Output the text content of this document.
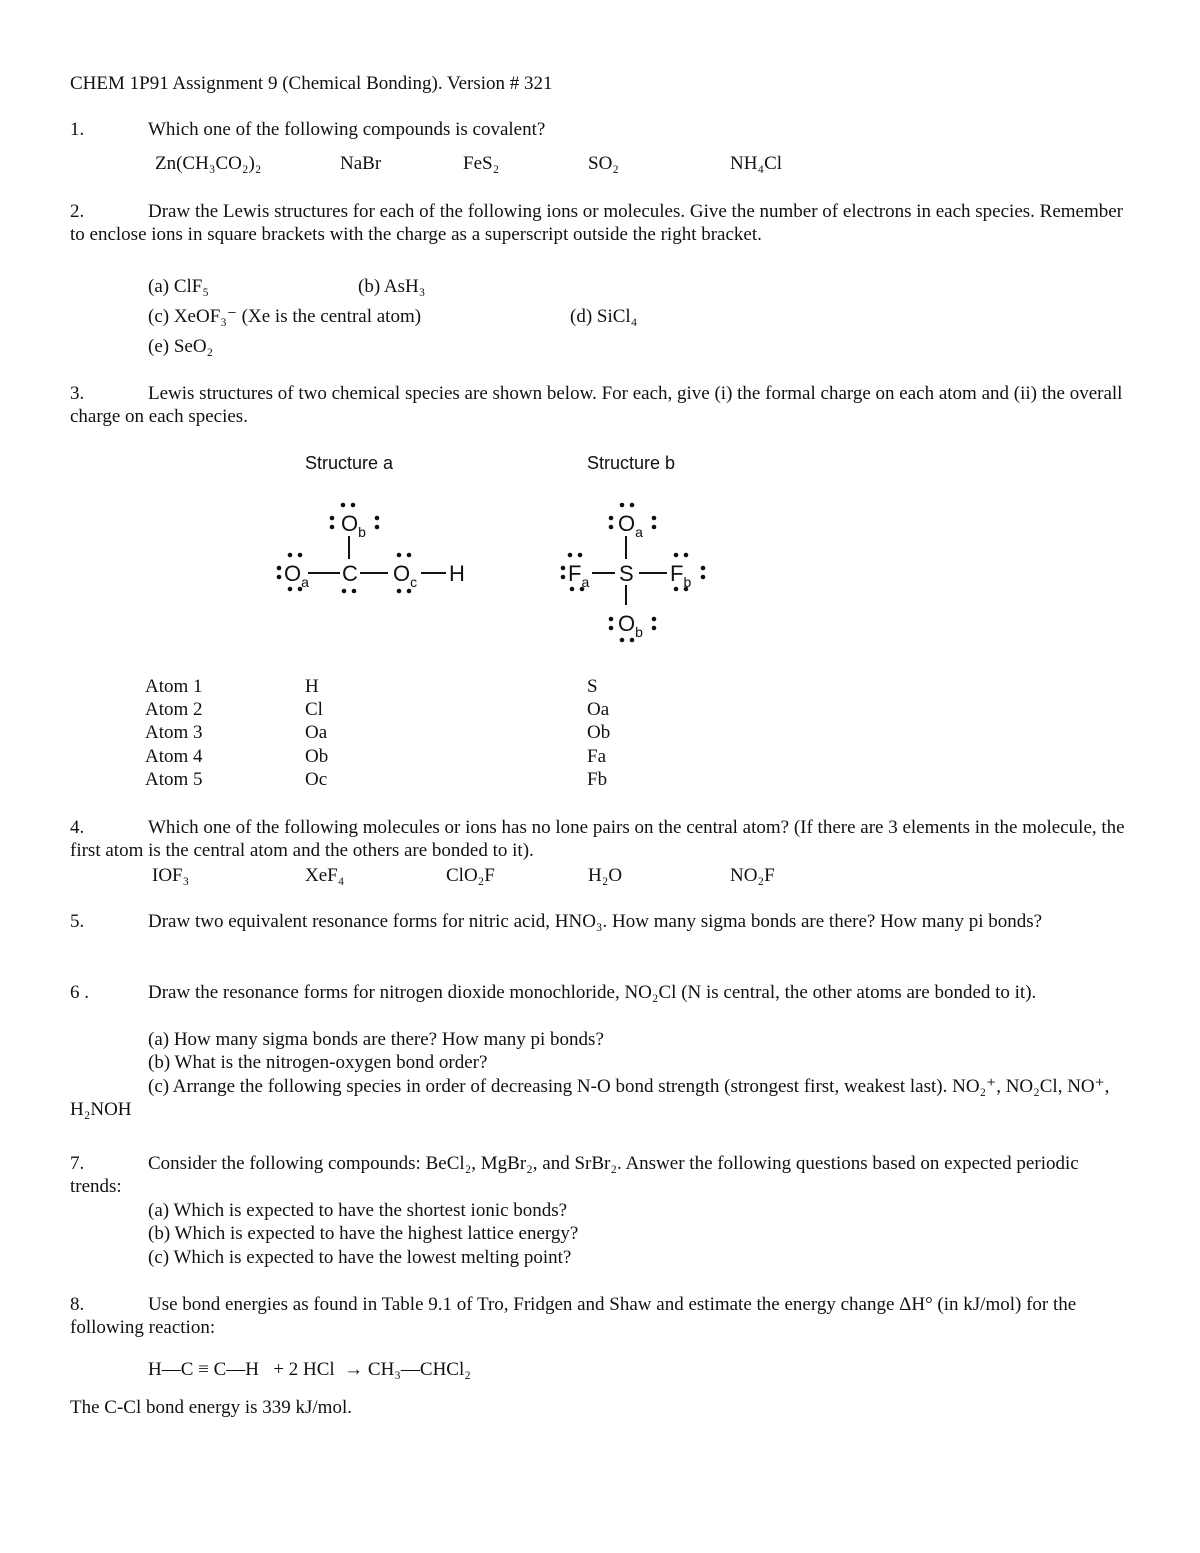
CHEM 1P91 Assignment 9 (Chemical Bonding). Version # 321
1.	Which one of the following compounds is covalent?
Zn(CH₃CO₂)₂	NaBr	FeS₂	SO₂	NH₄Cl
2.	Draw the Lewis structures for each of the following ions or molecules. Give the number of electrons in each species. Remember to enclose ions in square brackets with the charge as a superscript outside the right bracket.
(a) ClF₅	(b) AsH₃
(c) XeOF₃⁻ (Xe is the central atom)	(d) SiCl₄
(e) SeO₂
3.	Lewis structures of two chemical species are shown below. For each, give (i) the formal charge on each atom and (ii) the overall charge on each species.
Structure a	Structure b
$O_b$
$O_a$ C $O_c$ H
$O_a$
$F_a$ S $F_b$
$O_b$
Atom 1	H	S
Atom 2	Cl	Oa
Atom 3	Oa	Ob
Atom 4	Ob	Fa
Atom 5	Oc	Fb
4.	Which one of the following molecules or ions has no lone pairs on the central atom? (If there are 3 elements in the molecule, the first atom is the central atom and the others are bonded to it).
IOF₃	XeF₄	ClO₂F	H₂O	NO₂F
5.	Draw two equivalent resonance forms for nitric acid, HNO₃. How many sigma bonds are there? How many pi bonds?
6 .	Draw the resonance forms for nitrogen dioxide monochloride, NO₂Cl (N is central, the other atoms are bonded to it).
(a) How many sigma bonds are there? How many pi bonds?
(b) What is the nitrogen-oxygen bond order?
(c) Arrange the following species in order of decreasing N-O bond strength (strongest first, weakest last). NO₂⁺, NO₂Cl, NO⁺, H₂NOH
7.	Consider the following compounds: BeCl₂, MgBr₂, and SrBr₂. Answer the following questions based on expected periodic trends:
(a) Which is expected to have the shortest ionic bonds?
(b) Which is expected to have the highest lattice energy?
(c) Which is expected to have the lowest melting point?
8.	Use bond energies as found in Table 9.1 of Tro, Fridgen and Shaw and estimate the energy change ΔH° (in kJ/mol) for the following reaction:
H—C ≡ C—H   + 2 HCl  → CH₃—CHCl₂
The C-Cl bond energy is 339 kJ/mol.
